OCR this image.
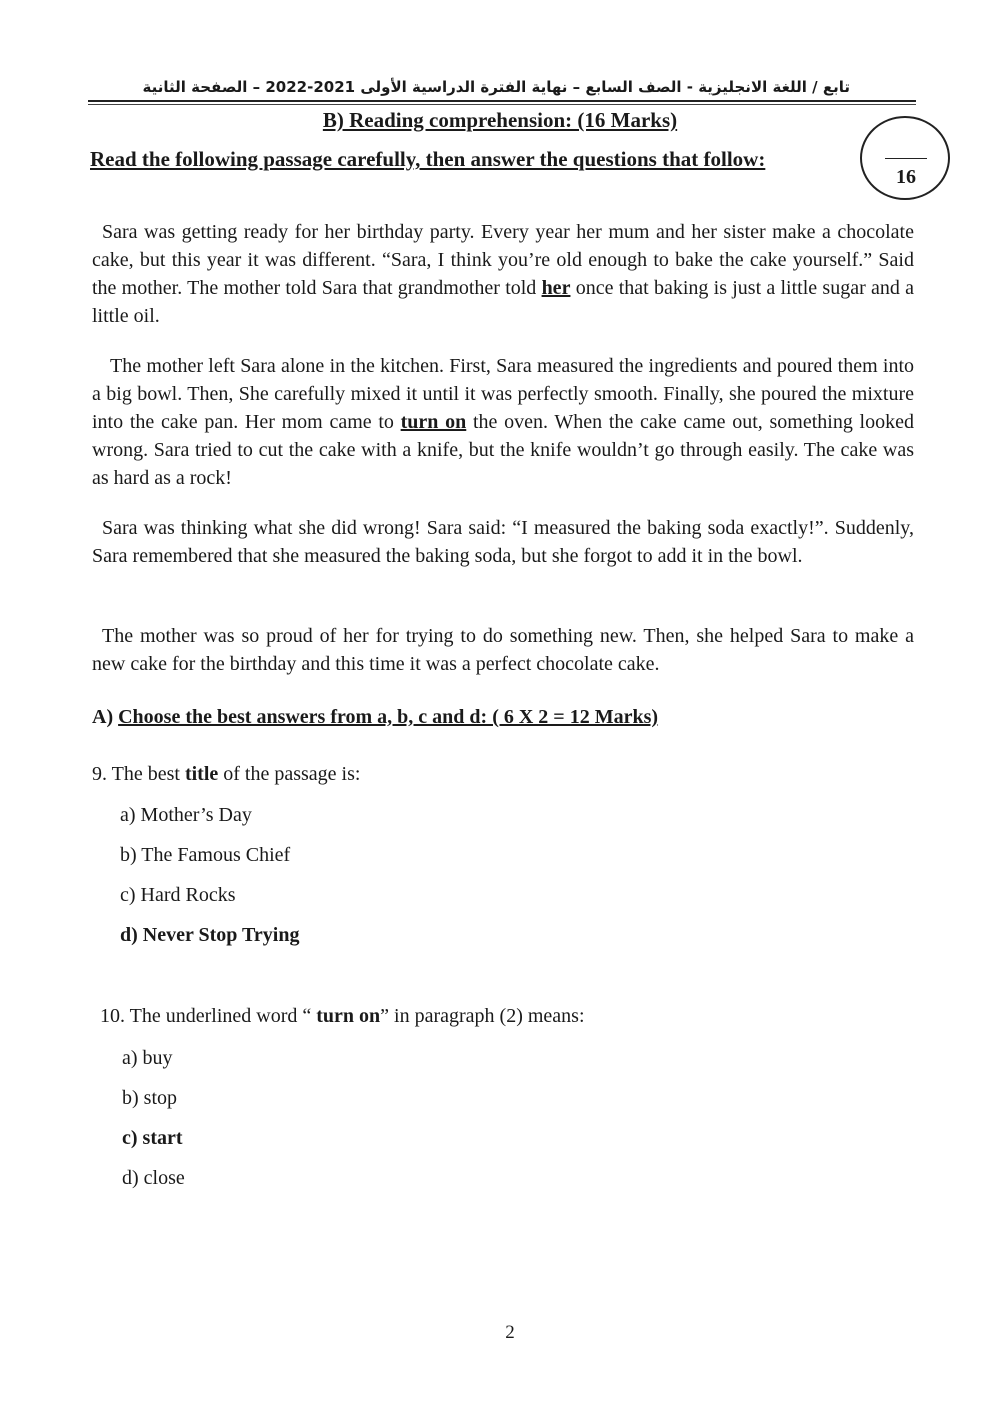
تابع / اللغة الانجليزية - الصف السابع – نهاية الفترة الدراسية الأولى 2021-2022 – الصفحة الثانية
B) Reading comprehension: (16 Marks)
Read the following passage carefully, then answer the questions that follow:
16
Sara was getting ready for her birthday party. Every year her mum and her sister make a chocolate cake, but this year it was different. “Sara, I think you’re old enough to bake the cake yourself.” Said the mother. The mother told Sara that grandmother told her once that baking is just a little sugar and a little oil.
The mother left Sara alone in the kitchen. First, Sara measured the ingredients and poured them into a big bowl. Then, She carefully mixed it until it was perfectly smooth. Finally, she poured the mixture into the cake pan. Her mom came to turn on the oven. When the cake came out, something looked wrong. Sara tried to cut the cake with a knife, but the knife wouldn’t go through easily. The cake was as hard as a rock!
Sara was thinking what she did wrong! Sara said: “I measured the baking soda exactly!”. Suddenly, Sara remembered that she measured the baking soda, but she forgot to add it in the bowl.
The mother was so proud of her for trying to do something new. Then, she helped Sara to make a new cake for the birthday and this time it was a perfect chocolate cake.
A) Choose the best answers from a, b, c and d: ( 6 X 2 = 12 Marks)
9. The best title of the passage is:
a) Mother’s Day
b) The Famous Chief
c) Hard Rocks
d) Never Stop Trying
10. The underlined word “ turn on” in paragraph (2) means:
a) buy
b) stop
c) start
d) close
2
